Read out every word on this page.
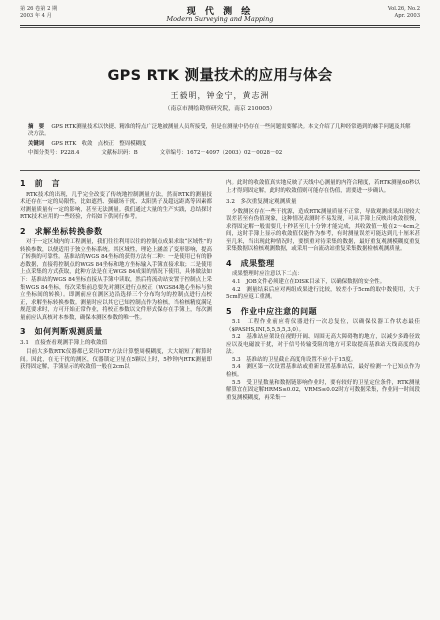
第 26 卷第 2 期
2003 年 4 月	现 代 测 绘
Modern Surveying and Mapping
Vol.26, No.2
Apr. 2003
GPS RTK 测量技术的应用与体会
王毅明，钟金宁，黄志洲
（南京市测绘勘察研究院，南京 210005）
摘　要 　 GPS RTK测量技术以快捷、精准的特点广泛地被测量人员所接受，但是在测量中仍存在一些问题需要解决。本文介绍了几种经常遇到的棘手问题及其解决方法。
关键词 　 GPS RTK　收敛　点校正　整周模糊度
中图分类号：P228.4	文献标识码：B	文章编号：1672－4097（2003）02－0028－02
1　前　言

RTK技术的出现，几乎完全改变了传统地控制测量方法，然而RTK的测量技术还存在一定的局限性，比如遮挡、强磁场干扰、太阳黑子及超远距离等因素都对测量质量有一定的影响，甚至无法测量。我们通过大量的生产实践，总结探讨RTK技术应用的一些经验，介绍如下供同行参考。

2　求解坐标转换参数

对于一定区域内的工程测量，我们往往利用以往的控制点成果求取“区域性”的转换参数，以便适用于独立坐标系统。其区域性，理论上涵盖了变形影响，提高了转换的可靠性。基准站的WGS 84坐标的获得方法有二种：一是使用已有的静态数据，直接将控制点的WGS 84坐标和地方坐标输入手簿直接求取；二是使用上点采集的方式获取，此种方法是在无WGS 84成果的情况下使用，具体做法如下：基准站的WGS 84坐标直接从手簿中读取，然后将流动站安置于控制点上采集WGS 84坐标，每次采集前总要先对测区进行点校正（WGS84地心坐标与独立坐标间的转换）。即测前应在测区边沿选择三个分布均匀的控制点进行点校正，求解坐标转换参数。测量时应以其它已知控制点作为检核，当检核精度满足规范要求时，方可开始正常作业，将校正参数以文件形式保存在手簿上，每次测量前应认真核对本参数，确保本测区参数的唯一性。

3　如何判断观测质量
3.1　直接查看观测手簿上的收敛值

目前大多数RTK仪器都已采用OTF方法计算整周模糊度，大大缩短了解算时间。因此，在无干扰的测区，仪器锁定卫星在5颗以上时，5秒钟内RTK测量即获得固定解，手簿显示的收敛值一般在2cm以

内。此时的收敛值真实地反映了天线中心测量的内符合精度，若RTK测量60秒以上才得到固定解，此时的收敛值则可能存在伪值，需要进一步确认。

3.2　多次重复测定观测质量

少数测区存在一些干扰源，造成RTK测量质量不正常，导致观测成果出现较大误差甚至有伪值现象，这种情况表测时不易发现，可从手簿上反映出收敛很慢，求得固定解一般需要几十秒甚至几十分钟才能完成，其收敛值一般在2～4cm之间，这时手簿上显示的收敛值仅能作为参考，有时测量误差可能达到几十厘米甚至几米，当出现此种情况时，要慎重对待采集的数据，最好重复观测模糊度重复采集数据以检核观测数据，或采用一台流动站重复采集数据检核观测质量。

4　成果整理

成果整理时应注意以下二点：

4.1　JOB文件必须建立在DISK目录下，以确保数据的安全性。

4.2　测量结束后应对两组成果进行比较，较差小于5cm的取中数使用，大于5cm的应返工重测。

5　作业中应注意的问题

5.1　工程作业前应将仪器进行一次总复位，以确保仪器工作状态最佳（$PASHS,INI,5,5,5,5,3,0）。

5.2　基准站应架设在视野开阔、周围无高大障碍物的地方，以减少多路径效应以及电磁波干扰，对于信号传输受阻的地方可采取提高基准站天线高度的办法。

5.3　基准站的卫星截止高度角设置不应小于15度。

5.4　测区第一次设置基准站或重新设置基准站后，最好检测一个已知点作为检核。

5.5　受卫星数量和数据链影响作业时，要有较好的卫星定位条件，RTK测量解算宜在固定解HRMS≤0.02，VRMS≤0.02时方可数据采集，作业同一时间段重复测模糊度，再采集一
